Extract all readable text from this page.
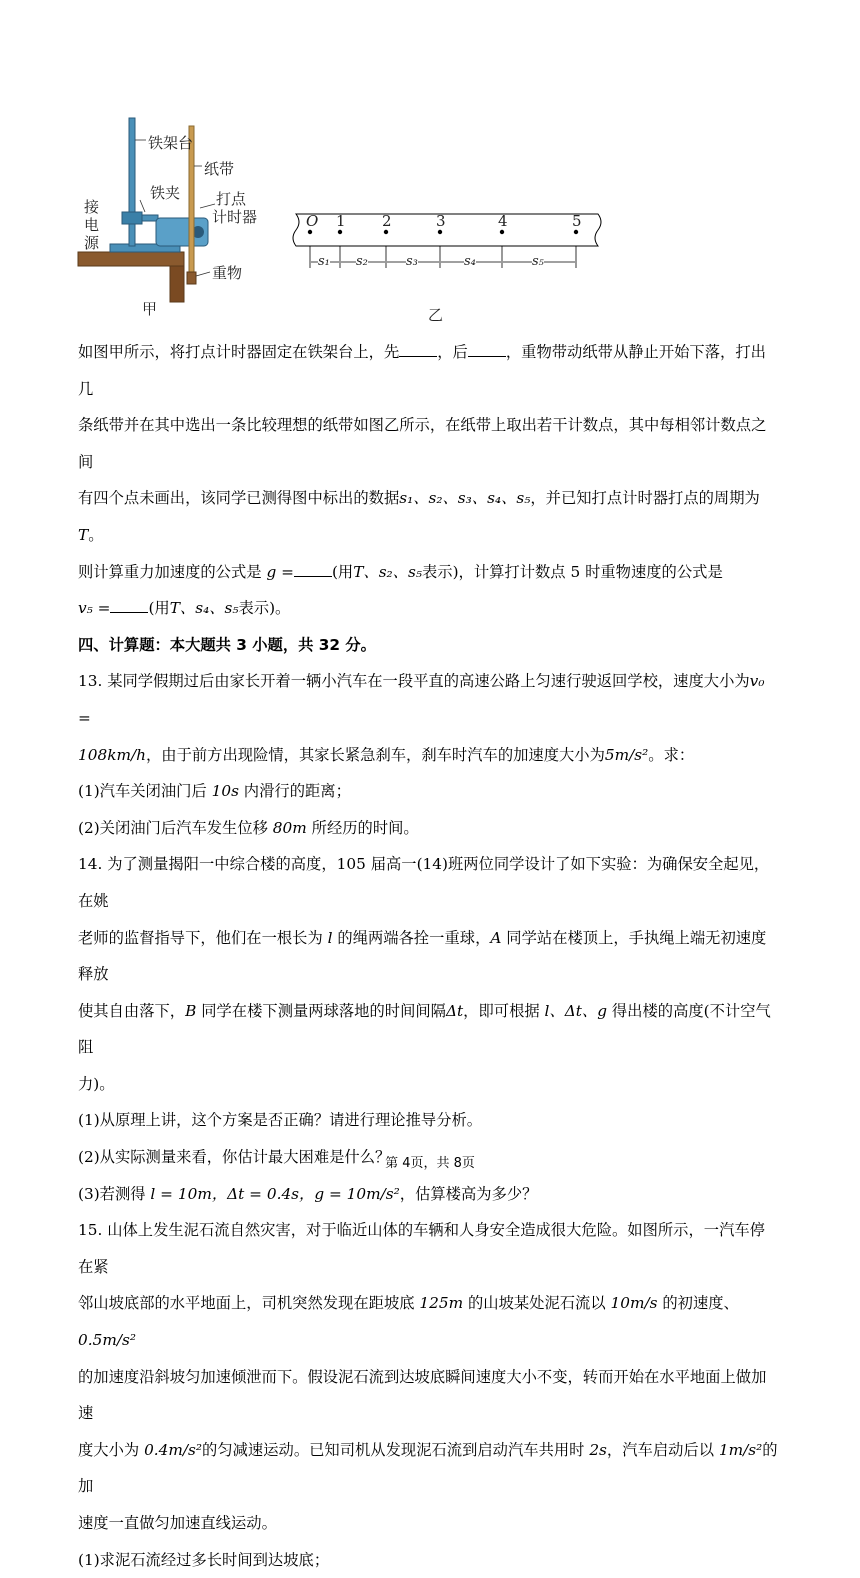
铁架台
纸带
铁夹 打点
计时器
接
电
源
重物
甲
O 1 2	3	4	5
s₁ s₂	s₃	s₄	s₅
乙

如图甲所示，将打点计时器固定在铁架台上，先 ，后 ，重物带动纸带从静止开始下落，打出几

条纸带并在其中选出一条比较理想的纸带如图乙所示，在纸带上取出若干计数点，其中每相邻计数点之间

有四个点未画出，该同学已测得图中标出的数据s₁、s₂、s₃、s₄、s₅，并已知打点计时器打点的周期为T。

则计算重力加速度的公式是 g = (用T、s₂、s₅表示)，计算打计数点 5 时重物速度的公式是

v₅ = (用T、s₄、s₅表示)。

四、计算题：本大题共 3 小题，共 32 分。

13. 某同学假期过后由家长开着一辆小汽车在一段平直的高速公路上匀速行驶返回学校，速度大小为v₀ =

108km/h，由于前方出现险情，其家长紧急刹车，刹车时汽车的加速度大小为5m/s²。求：

(1)汽车关闭油门后 10s 内滑行的距离；

(2)关闭油门后汽车发生位移 80m 所经历的时间。

14. 为了测量揭阳一中综合楼的高度，105 届高一(14)班两位同学设计了如下实验：为确保安全起见，在姚

老师的监督指导下，他们在一根长为 l 的绳两端各拴一重球，A 同学站在楼顶上，手执绳上端无初速度释放

使其自由落下，B 同学在楼下测量两球落地的时间间隔Δt，即可根据 l、Δt、g 得出楼的高度(不计空气阻

力)。

(1)从原理上讲，这个方案是否正确？请进行理论推导分析。

(2)从实际测量来看，你估计最大困难是什么？

(3)若测得 l = 10m，Δt = 0.4s，g = 10m/s²，估算楼高为多少？

15. 山体上发生泥石流自然灾害，对于临近山体的车辆和人身安全造成很大危险。如图所示，一汽车停在紧

邻山坡底部的水平地面上，司机突然发现在距坡底 125m 的山坡某处泥石流以 10m/s 的初速度、0.5m/s²

的加速度沿斜坡匀加速倾泄而下。假设泥石流到达坡底瞬间速度大小不变，转而开始在水平地面上做加速

度大小为 0.4m/s²的匀减速运动。已知司机从发现泥石流到启动汽车共用时 2s，汽车启动后以 1m/s²的加

速度一直做匀加速直线运动。

(1)求泥石流经过多长时间到达坡底；

第 4页，共 8页
